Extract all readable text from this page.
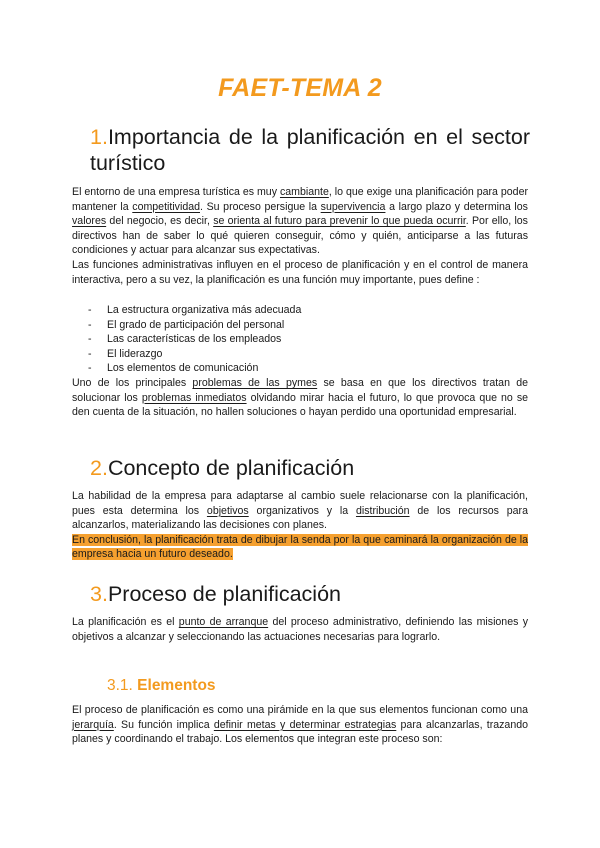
FAET-TEMA 2
1.Importancia de la planificación en el sector turístico

El entorno de una empresa turística es muy cambiante, lo que exige una planificación para poder mantener la competitividad. Su proceso persigue la supervivencia a largo plazo y determina los valores del negocio, es decir, se orienta al futuro para prevenir lo que pueda ocurrir. Por ello, los directivos han de saber lo qué quieren conseguir, cómo y quién, anticiparse a las futuras condiciones y actuar para alcanzar sus expectativas.

Las funciones administrativas influyen en el proceso de planificación y en el control de manera interactiva, pero a su vez, la planificación es una función muy importante, pues define :

- La estructura organizativa más adecuada
- El grado de participación del personal
- Las características de los empleados
- El liderazgo
- Los elementos de comunicación

Uno de los principales problemas de las pymes se basa en que los directivos tratan de solucionar los problemas inmediatos olvidando mirar hacia el futuro, lo que provoca que no se den cuenta de la situación, no hallen soluciones o hayan perdido una oportunidad empresarial.

2.Concepto de planificación

La habilidad de la empresa para adaptarse al cambio suele relacionarse con la planificación, pues esta determina los objetivos organizativos y la distribución de los recursos para alcanzarlos, materializando las decisiones con planes.

En conclusión, la planificación trata de dibujar la senda por la que caminará la organización de la empresa hacia un futuro deseado.

3.Proceso de planificación

La planificación es el punto de arranque del proceso administrativo, definiendo las misiones y objetivos a alcanzar y seleccionando las actuaciones necesarias para lograrlo.

3.1. Elementos

El proceso de planificación es como una pirámide en la que sus elementos funcionan como una jerarquía. Su función implica definir metas y determinar estrategias para alcanzarlas, trazando planes y coordinando el trabajo. Los elementos que integran este proceso son:
